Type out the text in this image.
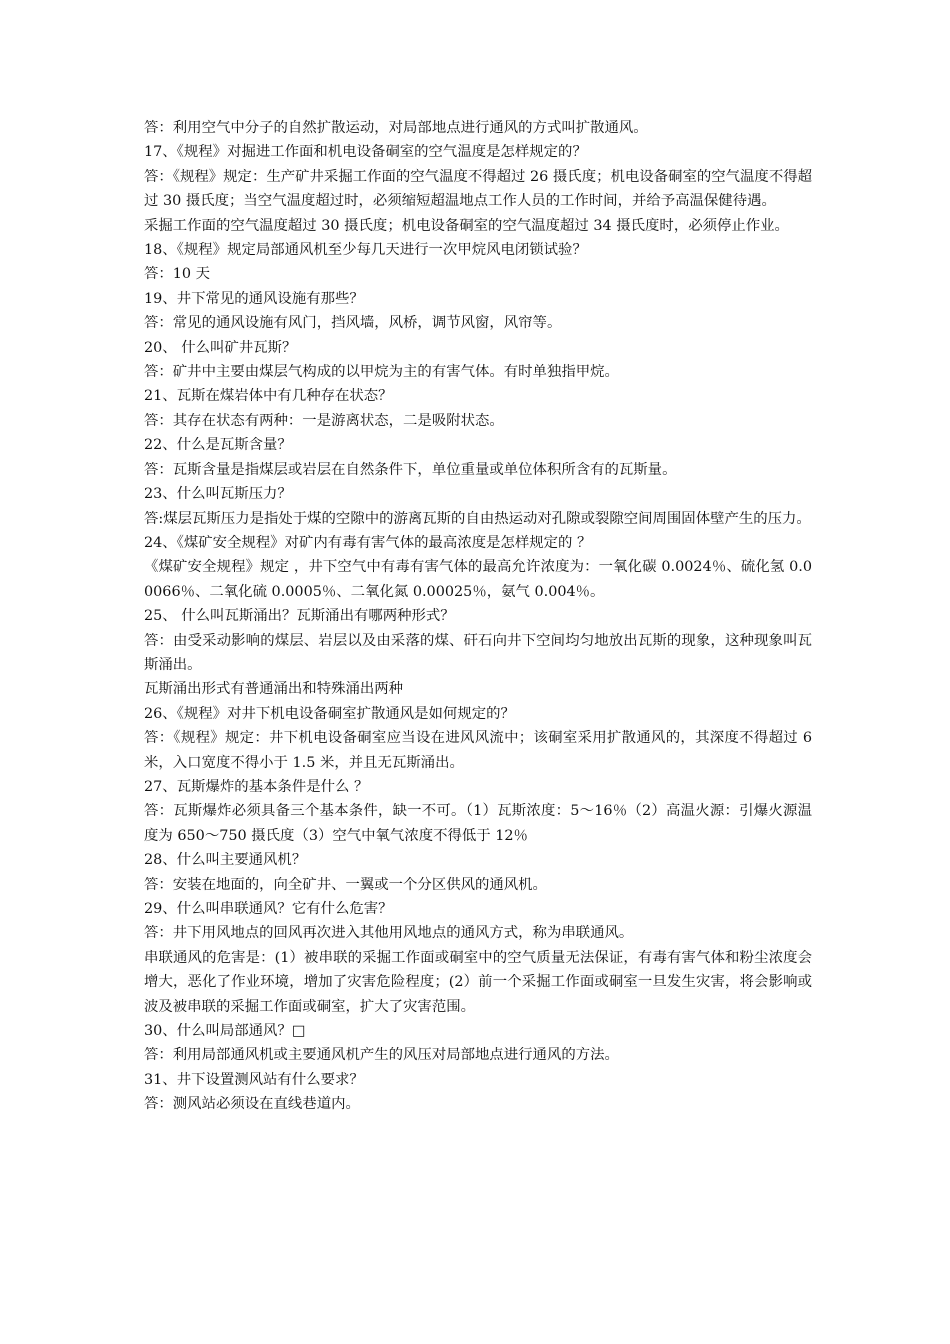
答：利用空气中分子的自然扩散运动，对局部地点进行通风的方式叫扩散通风。

17、《规程》对掘进工作面和机电设备硐室的空气温度是怎样规定的？

答：《规程》规定：生产矿井采掘工作面的空气温度不得超过 26 摄氏度；机电设备硐室的空气温度不得超过 30 摄氏度；当空气温度超过时，必须缩短超温地点工作人员的工作时间，并给予高温保健待遇。

采掘工作面的空气温度超过 30 摄氏度；机电设备硐室的空气温度超过 34 摄氏度时，必须停止作业。

18、《规程》规定局部通风机至少每几天进行一次甲烷风电闭锁试验？

答：10 天

19、井下常见的通风设施有那些？

答：常见的通风设施有风门，挡风墙，风桥，调节风窗，风帘等。

20、 什么叫矿井瓦斯？

答：矿井中主要由煤层气构成的以甲烷为主的有害气体。有时单独指甲烷。

21、瓦斯在煤岩体中有几种存在状态？

答：其存在状态有两种：一是游离状态，二是吸附状态。

22、什么是瓦斯含量？

答：瓦斯含量是指煤层或岩层在自然条件下，单位重量或单位体积所含有的瓦斯量。

23、什么叫瓦斯压力？

答:煤层瓦斯压力是指处于煤的空隙中的游离瓦斯的自由热运动对孔隙或裂隙空间周围固体壁产生的压力。

24、《煤矿安全规程》对矿内有毒有害气体的最高浓度是怎样规定的 ？

《煤矿安全规程》规定 ，井下空气中有毒有害气体的最高允许浓度为：一氧化碳 0.0024％、硫化氢 0.00066％、二氧化硫 0.0005％、二氧化氮 0.00025％，氨气 0.004％。

25、 什么叫瓦斯涌出？瓦斯涌出有哪两种形式？

答：由受采动影响的煤层、岩层以及由采落的煤、矸石向井下空间均匀地放出瓦斯的现象，这种现象叫瓦斯涌出。

瓦斯涌出形式有普通涌出和特殊涌出两种

26、《规程》对井下机电设备硐室扩散通风是如何规定的？

答：《规程》规定：井下机电设备硐室应当设在进风风流中；该硐室采用扩散通风的，其深度不得超过 6 米，入口宽度不得小于 1.5 米，并且无瓦斯涌出。

27、瓦斯爆炸的基本条件是什么 ？

答：瓦斯爆炸必须具备三个基本条件，缺一不可。（1）瓦斯浓度：5～16％（2）高温火源：引爆火源温度为 650～750 摄氏度（3）空气中氧气浓度不得低于 12％

28、什么叫主要通风机？

答：安装在地面的，向全矿井、一翼或一个分区供风的通风机。

29、什么叫串联通风？它有什么危害？

答：井下用风地点的回风再次进入其他用风地点的通风方式，称为串联通风。

串联通风的危害是：(1）被串联的采掘工作面或硐室中的空气质量无法保证，有毒有害气体和粉尘浓度会增大，恶化了作业环境，增加了灾害危险程度；(2）前一个采掘工作面或硐室一旦发生灾害，将会影响或波及被串联的采掘工作面或硐室，扩大了灾害范围。

30、什么叫局部通风？□

答：利用局部通风机或主要通风机产生的风压对局部地点进行通风的方法。

31、井下设置测风站有什么要求？

答：测风站必须设在直线巷道内。
